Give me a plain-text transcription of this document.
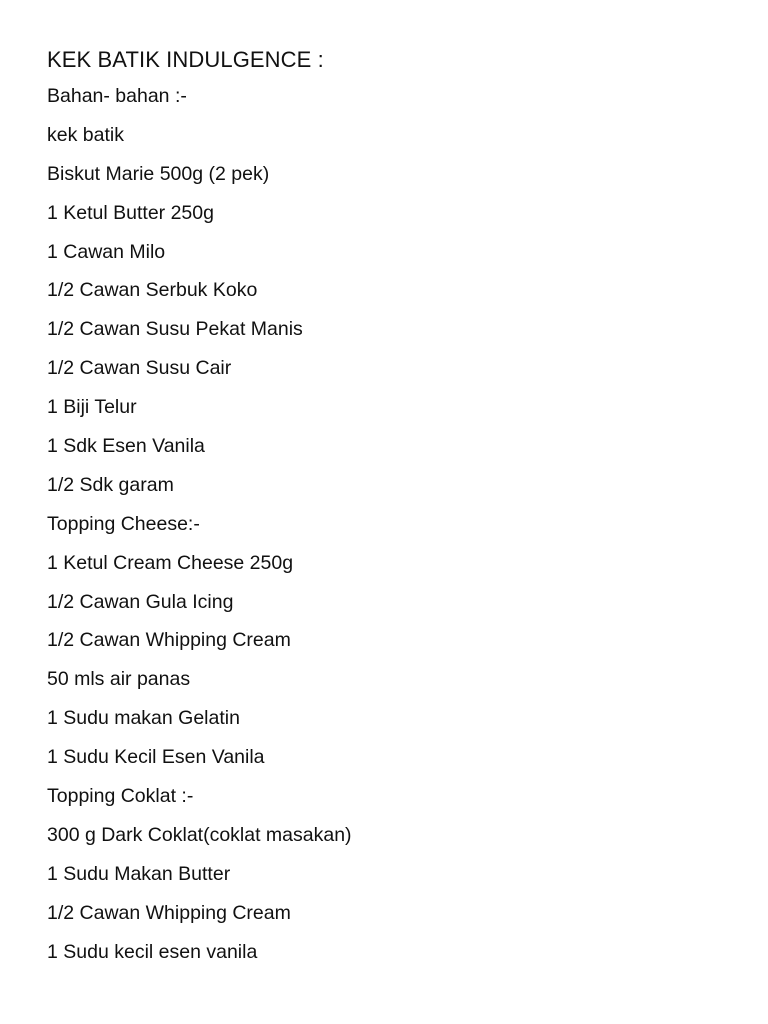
KEK BATIK INDULGENCE :
Bahan- bahan :-
kek batik
Biskut Marie 500g (2 pek)
1 Ketul Butter 250g
1 Cawan Milo
1/2 Cawan Serbuk Koko
1/2 Cawan Susu Pekat Manis
1/2 Cawan Susu Cair
1 Biji Telur
1 Sdk Esen Vanila
1/2 Sdk garam
Topping Cheese:-
1 Ketul Cream Cheese 250g
1/2 Cawan Gula Icing
1/2 Cawan Whipping Cream
50 mls air panas
1 Sudu makan Gelatin
1 Sudu Kecil Esen Vanila
Topping Coklat :-
300 g Dark Coklat(coklat masakan)
1 Sudu Makan Butter
1/2 Cawan Whipping Cream
1 Sudu kecil esen vanila
